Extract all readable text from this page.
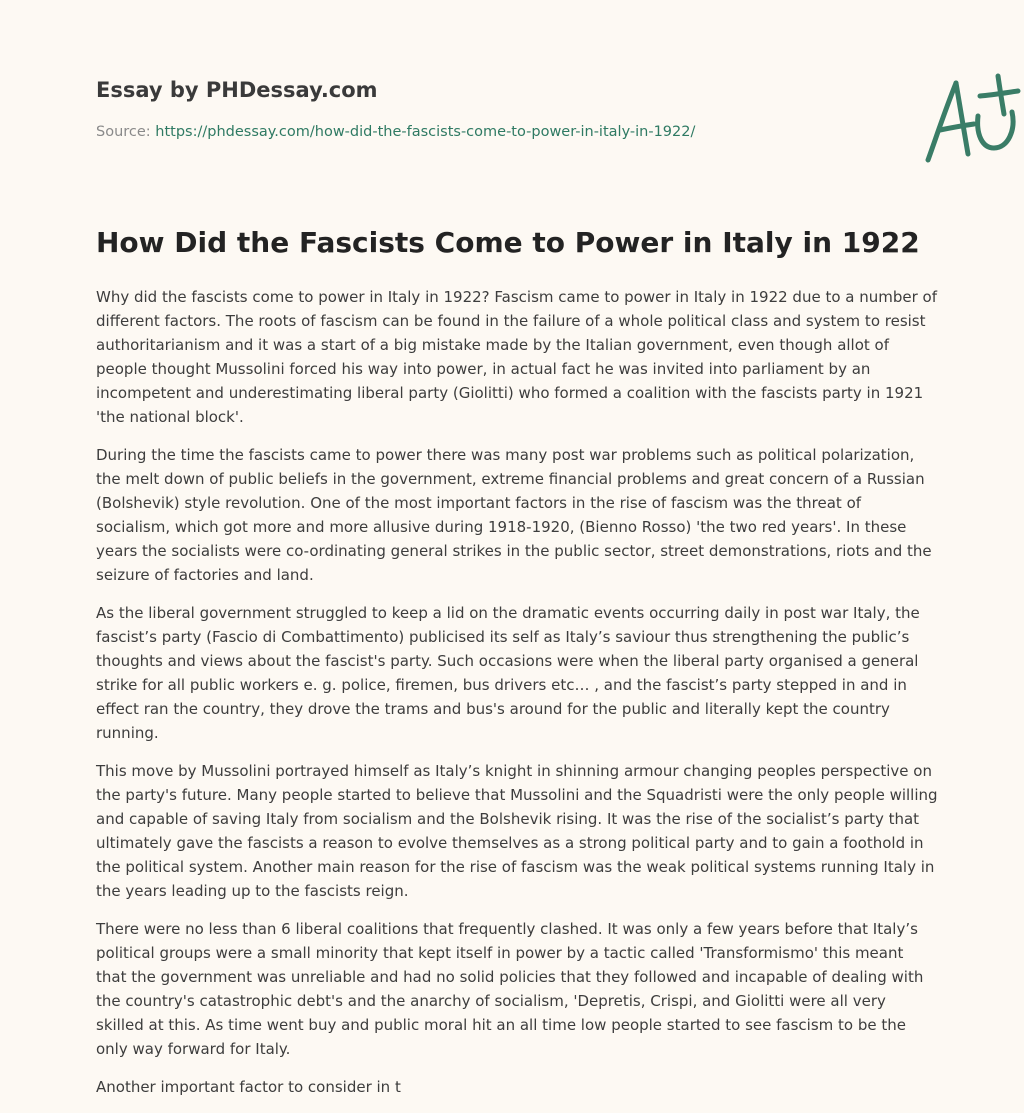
Essay by PHDessay.com

Source: https://phdessay.com/how-did-the-fascists-come-to-power-in-italy-in-1922/

How Did the Fascists Come to Power in Italy in 1922

Why did the fascists come to power in Italy in 1922? Fascism came to power in Italy in 1922 due to a number of different factors. The roots of fascism can be found in the failure of a whole political class and system to resist authoritarianism and it was a start of a big mistake made by the Italian government, even though allot of people thought Mussolini forced his way into power, in actual fact he was invited into parliament by an incompetent and underestimating liberal party (Giolitti) who formed a coalition with the fascists party in 1921 'the national block'.

During the time the fascists came to power there was many post war problems such as political polarization, the melt down of public beliefs in the government, extreme financial problems and great concern of a Russian (Bolshevik) style revolution. One of the most important factors in the rise of fascism was the threat of socialism, which got more and more allusive during 1918-1920, (Bienno Rosso) 'the two red years'. In these years the socialists were co-ordinating general strikes in the public sector, street demonstrations, riots and the seizure of factories and land.

As the liberal government struggled to keep a lid on the dramatic events occurring daily in post war Italy, the fascist’s party (Fascio di Combattimento) publicised its self as Italy’s saviour thus strengthening the public’s thoughts and views about the fascist's party. Such occasions were when the liberal party organised a general strike for all public workers e. g. police, firemen, bus drivers etc… , and the fascist’s party stepped in and in effect ran the country, they drove the trams and bus's around for the public and literally kept the country running.

This move by Mussolini portrayed himself as Italy’s knight in shinning armour changing peoples perspective on the party's future. Many people started to believe that Mussolini and the Squadristi were the only people willing and capable of saving Italy from socialism and the Bolshevik rising. It was the rise of the socialist’s party that ultimately gave the fascists a reason to evolve themselves as a strong political party and to gain a foothold in the political system. Another main reason for the rise of fascism was the weak political systems running Italy in the years leading up to the fascists reign.

There were no less than 6 liberal coalitions that frequently clashed. It was only a few years before that Italy’s political groups were a small minority that kept itself in power by a tactic called 'Transformismo' this meant that the government was unreliable and had no solid policies that they followed and incapable of dealing with the country's catastrophic debt's and the anarchy of socialism, 'Depretis, Crispi, and Giolitti were all very skilled at this. As time went buy and public moral hit an all time low people started to see fascism to be the only way forward for Italy.

Another important factor to consider in t
